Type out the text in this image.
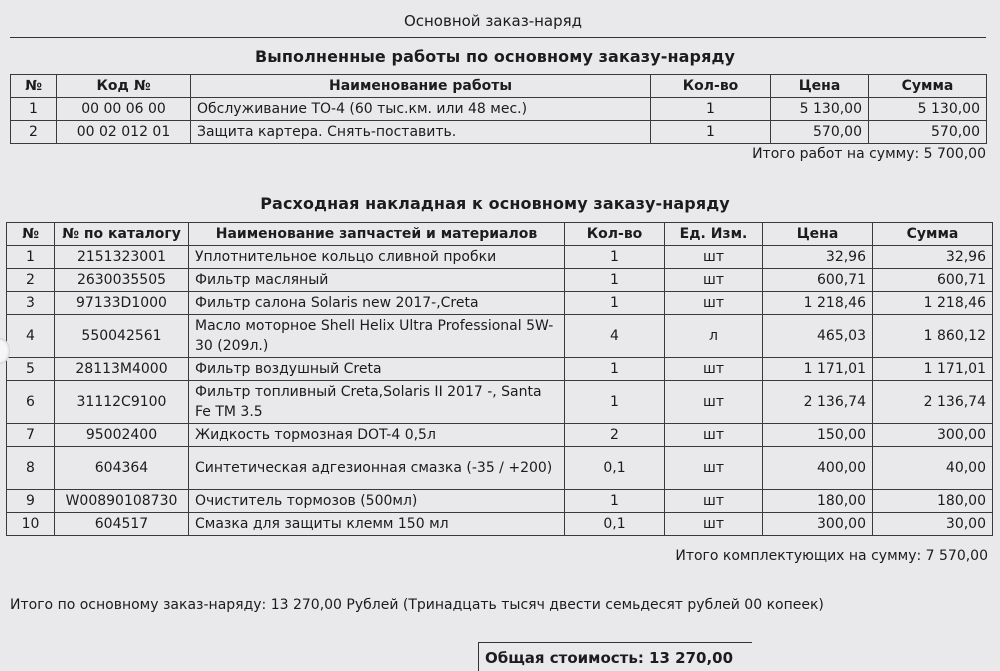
Основной заказ-наряд
Выполненные работы по основному заказу-наряду
№	Код №	Наименование работы	Кол-во	Цена	Сумма
1	00 00 06 00	Обслуживание ТО-4 (60 тыс.км. или 48 мес.)	1	5 130,00	5 130,00
2	00 02 012 01	Защита картера. Снять-поставить.	1	570,00	570,00
Итого работ на сумму: 5 700,00
Расходная накладная к основному заказу-наряду
№	№ по каталогу	Наименование запчастей и материалов	Кол-во	Ед. Изм.	Цена	Сумма
1	2151323001	Уплотнительное кольцо сливной пробки	1	шт	32,96	32,96
2	2630035505	Фильтр масляный	1	шт	600,71	600,71
3	97133D1000	Фильтр салона Solaris new 2017-,Creta	1	шт	1 218,46	1 218,46
4	550042561	Масло моторное Shell Helix Ultra Professional 5W-30 (209л.)	4	л	465,03	1 860,12
5	28113M4000	Фильтр воздушный Creta	1	шт	1 171,01	1 171,01
6	31112C9100	Фильтр топливный Creta,Solaris II 2017 -, Santa Fe TM 3.5	1	шт	2 136,74	2 136,74
7	95002400	Жидкость тормозная DOT-4 0,5л	2	шт	150,00	300,00
8	604364	Синтетическая адгезионная смазка (-35 / +200)	0,1	шт	400,00	40,00
9	W00890108730	Очиститель тормозов (500мл)	1	шт	180,00	180,00
10	604517	Смазка для защиты клемм 150 мл	0,1	шт	300,00	30,00
Итого комплектующих на сумму: 7 570,00
Итого по основному заказ-наряду: 13 270,00 Рублей (Тринадцать тысяч двести семьдесят рублей 00 копеек)
Общая стоимость: 13 270,00
